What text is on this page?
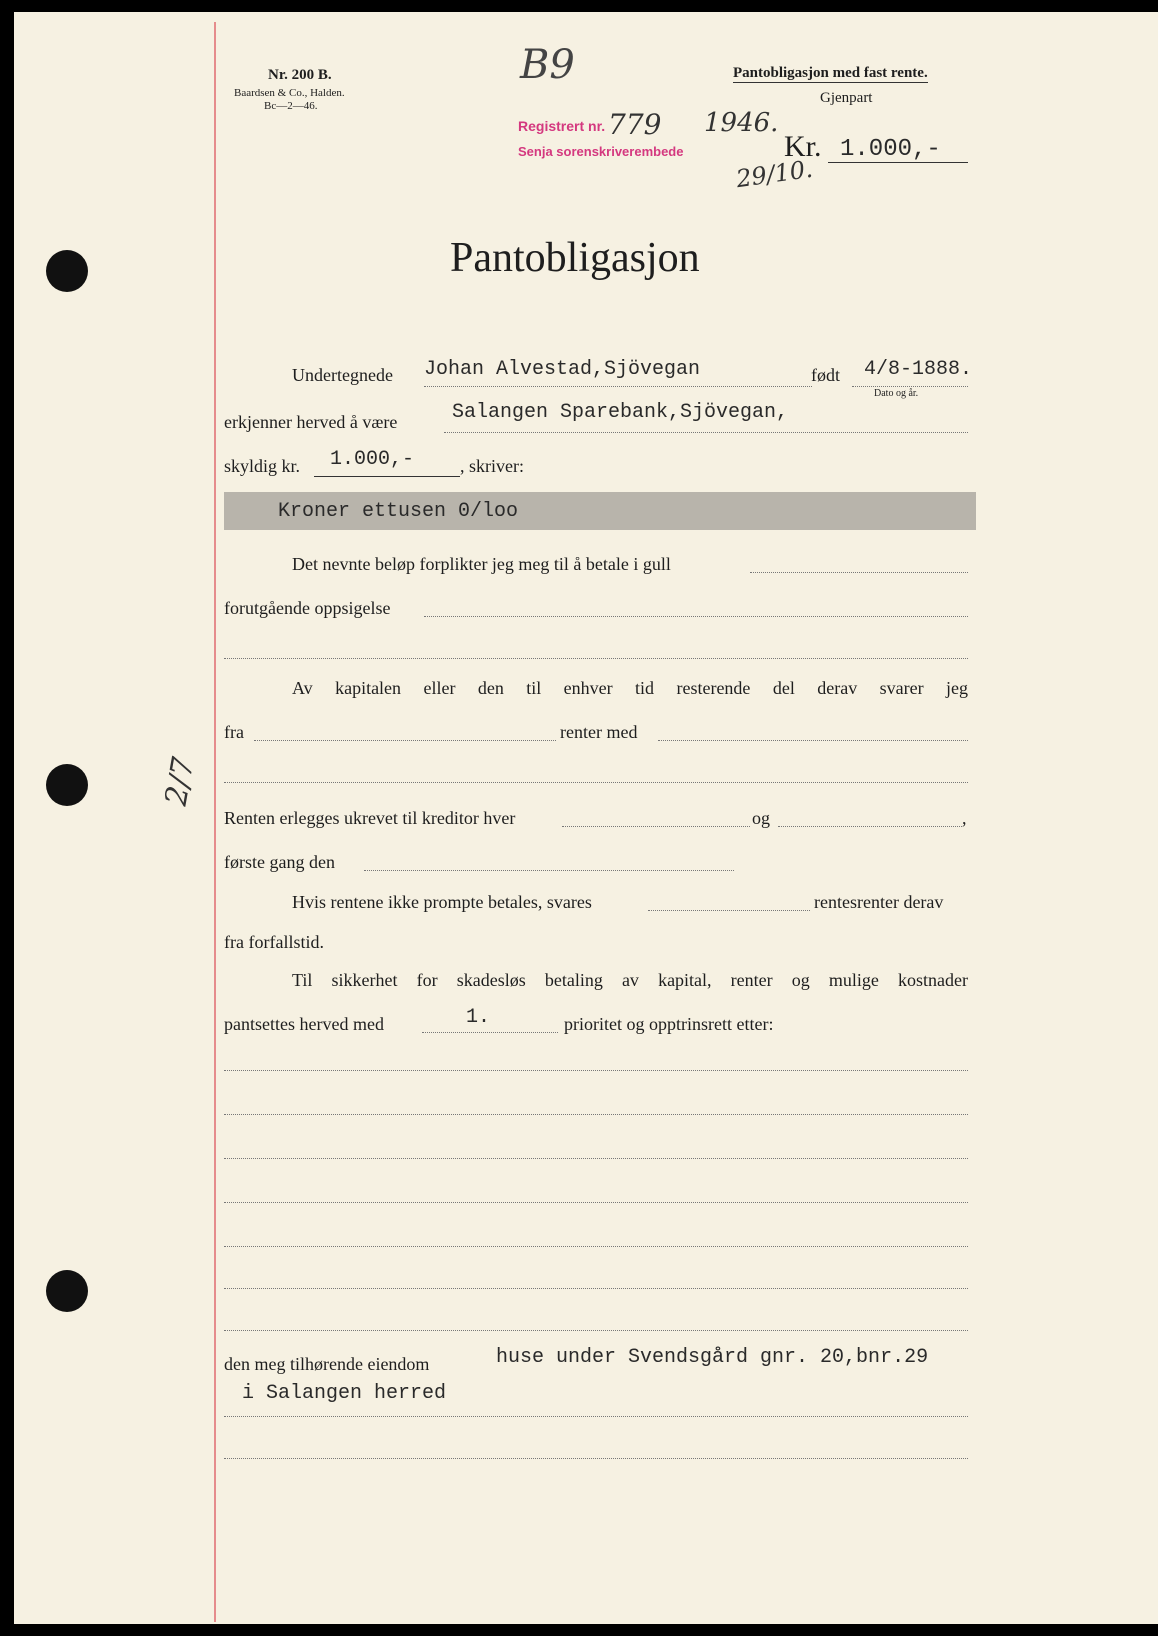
Nr. 200 B.
Baardsen & Co., Halden.
Bc—2—46.
B9	Pantobligasjon med fast rente.
Gjenpart
Registrert nr. 779 1946.
Senja sorenskriverembede
29/10.
Kr. 1.000,-
Pantobligasjon
Undertegnede Johan Alvestad,Sjövegan	født 4/8-1888.
Dato og år.
erkjenner herved å være	Salangen Sparebank,Sjövegan,
skyldig kr. 1.000,-	, skriver:
Kroner ettusen 0/loo
Det nevnte beløp forplikter jeg meg til å betale i gull
forutgående oppsigelse
Av kapitalen eller den til enhver tid resterende del derav svarer jeg
fra	renter med
2/7
Renten erlegges ukrevet til kreditor hver	og	,
første gang den
Hvis rentene ikke prompte betales, svares	rentesrenter derav
fra forfallstid.
Til sikkerhet for skadesløs betaling av kapital, renter og mulige kostnader
pantsettes herved med	1.	prioritet og opptrinsrett etter:
den meg tilhørende eiendom	huse under Svendsgård gnr. 20,bnr.29
i Salangen herred
